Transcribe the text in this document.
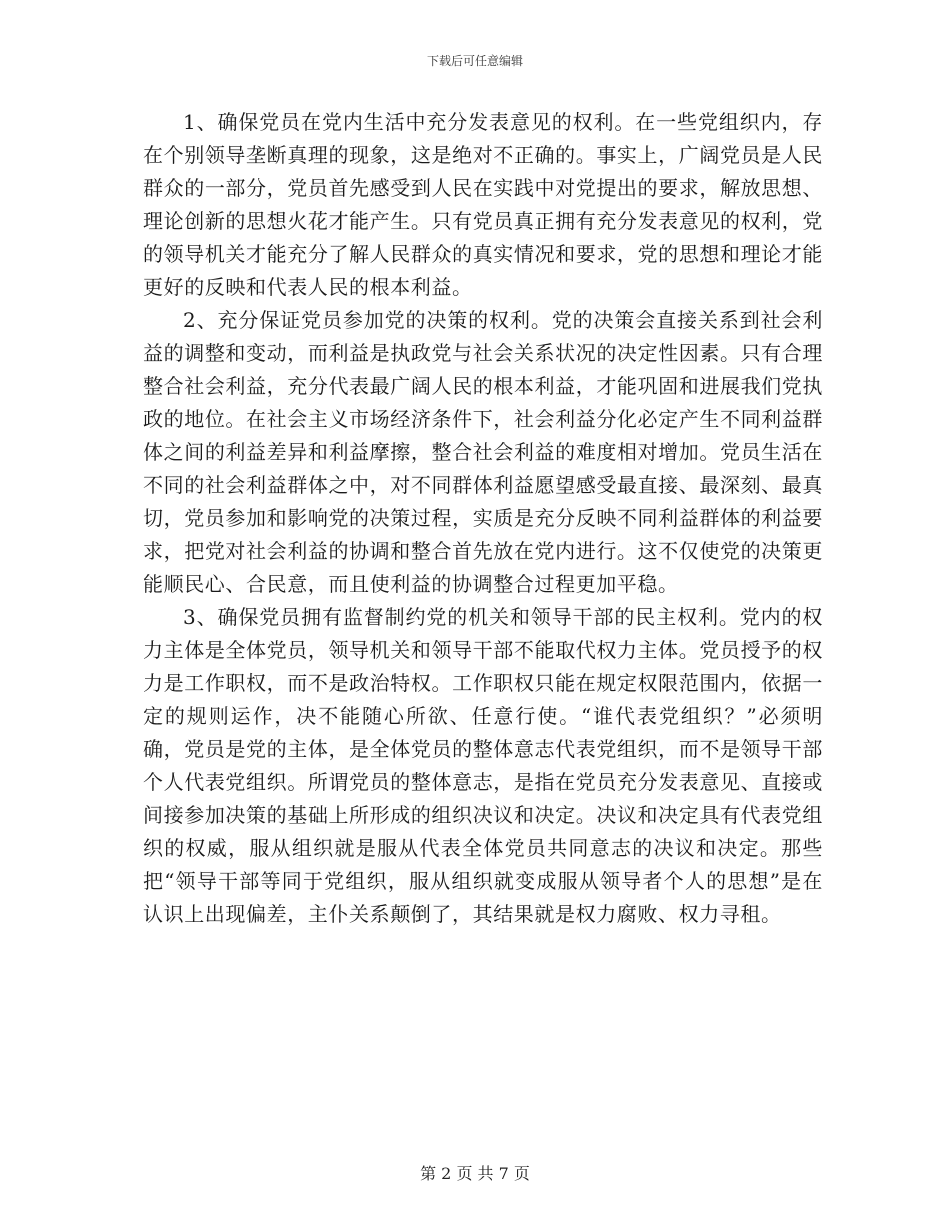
下载后可任意编辑

1、确保党员在党内生活中充分发表意见的权利。在一些党组织内，存在个别领导垄断真理的现象，这是绝对不正确的。事实上，广阔党员是人民群众的一部分，党员首先感受到人民在实践中对党提出的要求，解放思想、理论创新的思想火花才能产生。只有党员真正拥有充分发表意见的权利，党的领导机关才能充分了解人民群众的真实情况和要求，党的思想和理论才能更好的反映和代表人民的根本利益。

2、充分保证党员参加党的决策的权利。党的决策会直接关系到社会利益的调整和变动，而利益是执政党与社会关系状况的决定性因素。只有合理整合社会利益，充分代表最广阔人民的根本利益，才能巩固和进展我们党执政的地位。在社会主义市场经济条件下，社会利益分化必定产生不同利益群体之间的利益差异和利益摩擦，整合社会利益的难度相对增加。党员生活在不同的社会利益群体之中，对不同群体利益愿望感受最直接、最深刻、最真切，党员参加和影响党的决策过程，实质是充分反映不同利益群体的利益要求，把党对社会利益的协调和整合首先放在党内进行。这不仅使党的决策更能顺民心、合民意，而且使利益的协调整合过程更加平稳。

3、确保党员拥有监督制约党的机关和领导干部的民主权利。党内的权力主体是全体党员，领导机关和领导干部不能取代权力主体。党员授予的权力是工作职权，而不是政治特权。工作职权只能在规定权限范围内，依据一定的规则运作，决不能随心所欲、任意行使。“谁代表党组织？”必须明确，党员是党的主体，是全体党员的整体意志代表党组织，而不是领导干部个人代表党组织。所谓党员的整体意志，是指在党员充分发表意见、直接或间接参加决策的基础上所形成的组织决议和决定。决议和决定具有代表党组织的权威，服从组织就是服从代表全体党员共同意志的决议和决定。那些把“领导干部等同于党组织，服从组织就变成服从领导者个人的思想”是在认识上出现偏差，主仆关系颠倒了，其结果就是权力腐败、权力寻租。

第 2 页 共 7 页
